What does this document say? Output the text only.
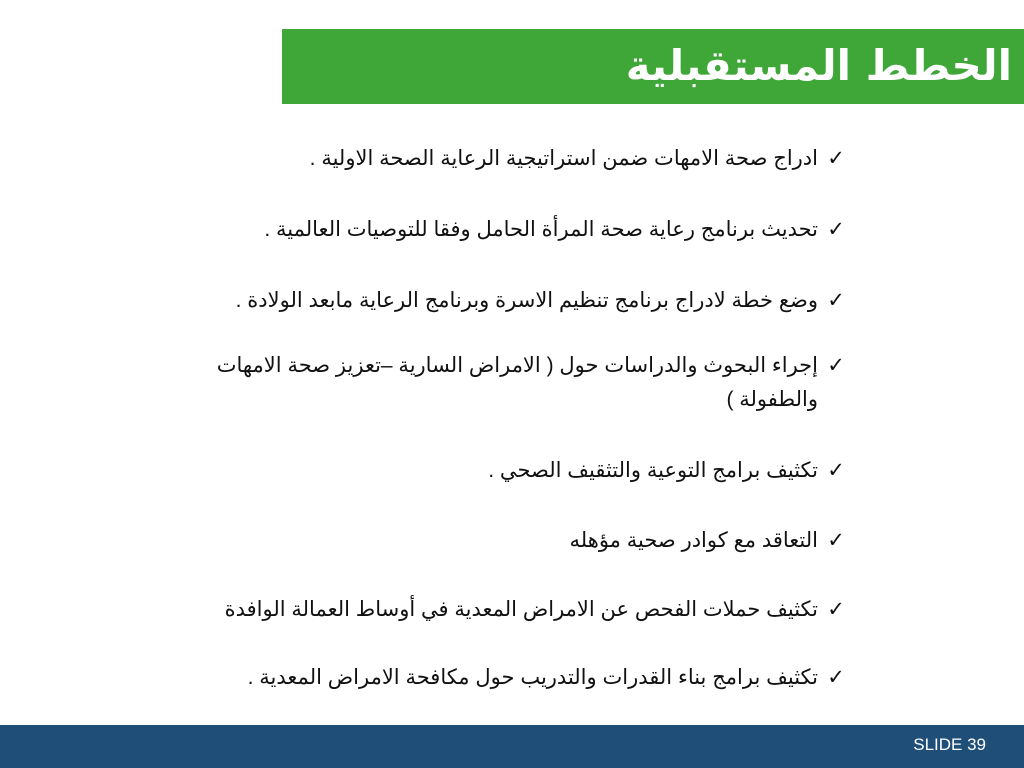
الخطط المستقبلية
✓
ادراج صحة الامهات ضمن استراتيجية الرعاية الصحة الاولية .
✓
تحديث برنامج رعاية صحة المرأة الحامل وفقا للتوصيات العالمية .
✓
وضع خطة لادراج برنامج تنظيم الاسرة وبرنامج الرعاية مابعد الولادة .
✓
إجراء البحوث والدراسات حول ( الامراض السارية –تعزيز صحة الامهات والطفولة )
✓
تكثيف برامج التوعية والتثقيف الصحي .
✓
التعاقد مع كوادر صحية مؤهله
✓
تكثيف حملات الفحص عن الامراض المعدية في أوساط العمالة الوافدة
✓
تكثيف برامج بناء القدرات والتدريب حول مكافحة الامراض المعدية .
SLIDE 39
